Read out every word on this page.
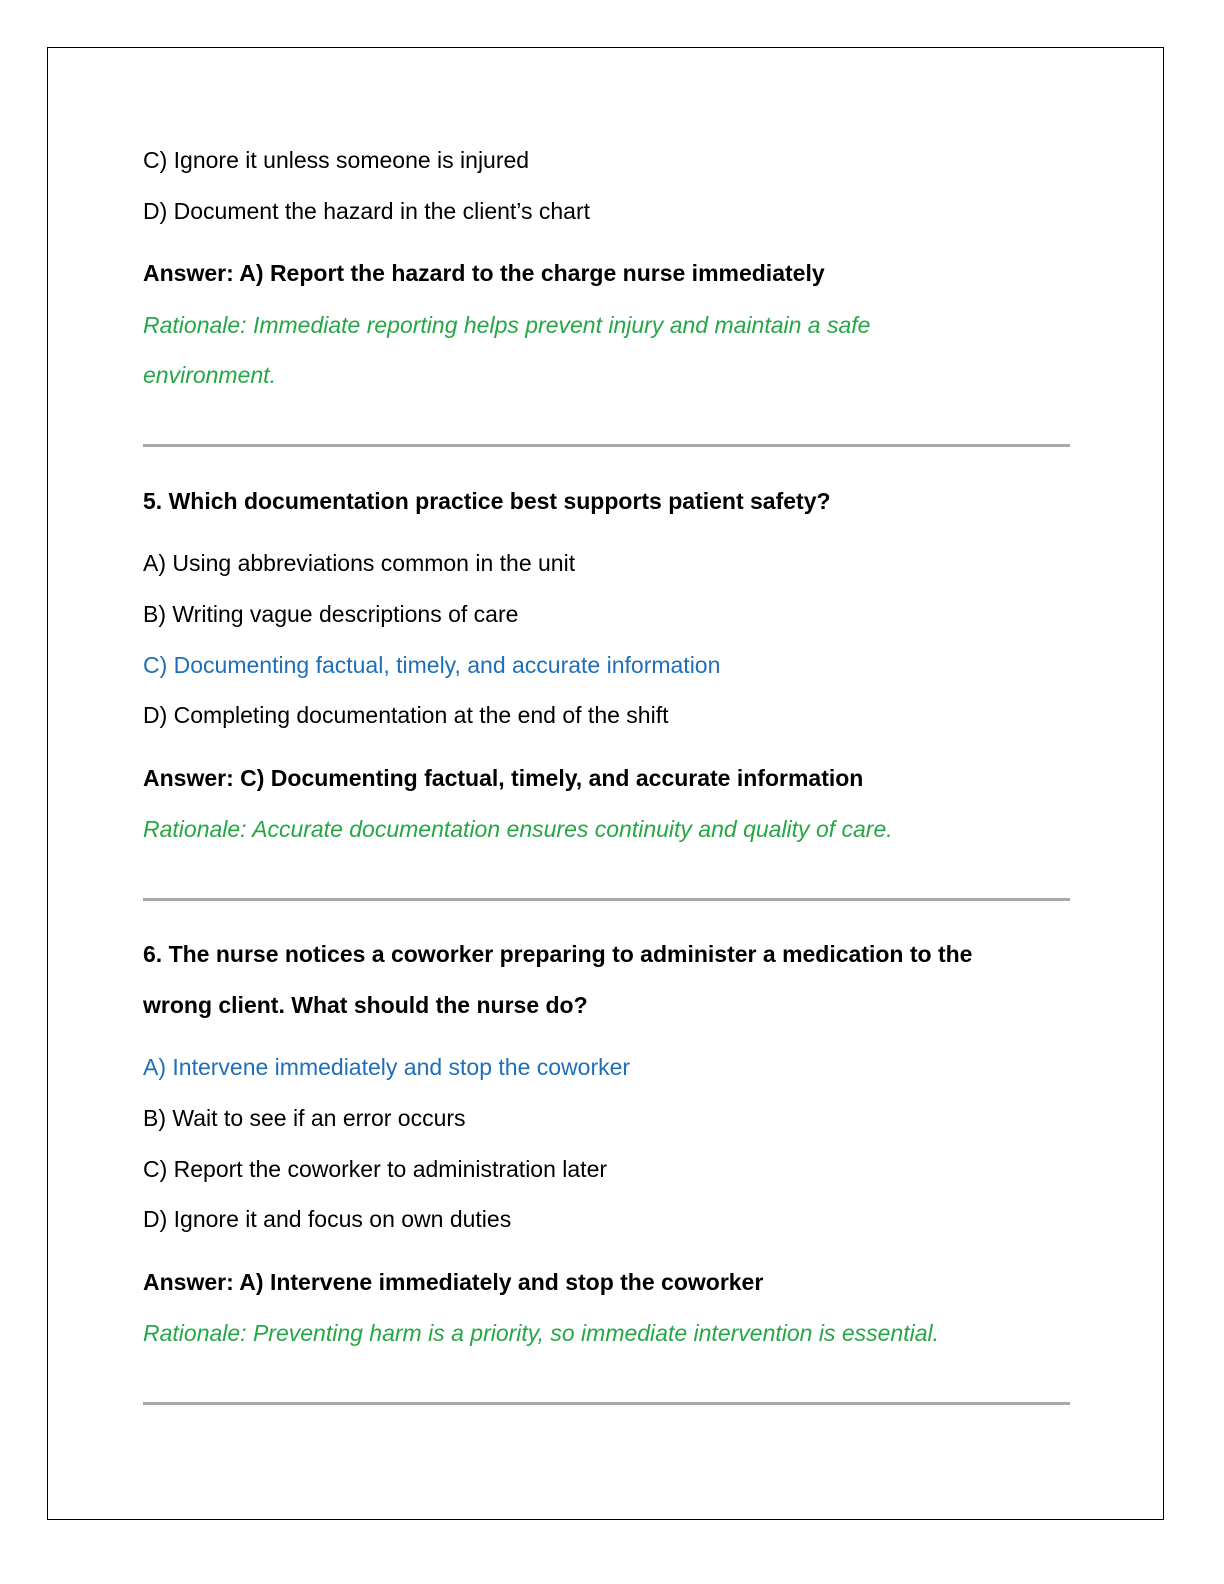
C) Ignore it unless someone is injured
D) Document the hazard in the client’s chart
Answer: A) Report the hazard to the charge nurse immediately
Rationale: Immediate reporting helps prevent injury and maintain a safe
environment.
5. Which documentation practice best supports patient safety?
A) Using abbreviations common in the unit
B) Writing vague descriptions of care
C) Documenting factual, timely, and accurate information
D) Completing documentation at the end of the shift
Answer: C) Documenting factual, timely, and accurate information
Rationale: Accurate documentation ensures continuity and quality of care.
6. The nurse notices a coworker preparing to administer a medication to the
wrong client. What should the nurse do?
A) Intervene immediately and stop the coworker
B) Wait to see if an error occurs
C) Report the coworker to administration later
D) Ignore it and focus on own duties
Answer: A) Intervene immediately and stop the coworker
Rationale: Preventing harm is a priority, so immediate intervention is essential.
